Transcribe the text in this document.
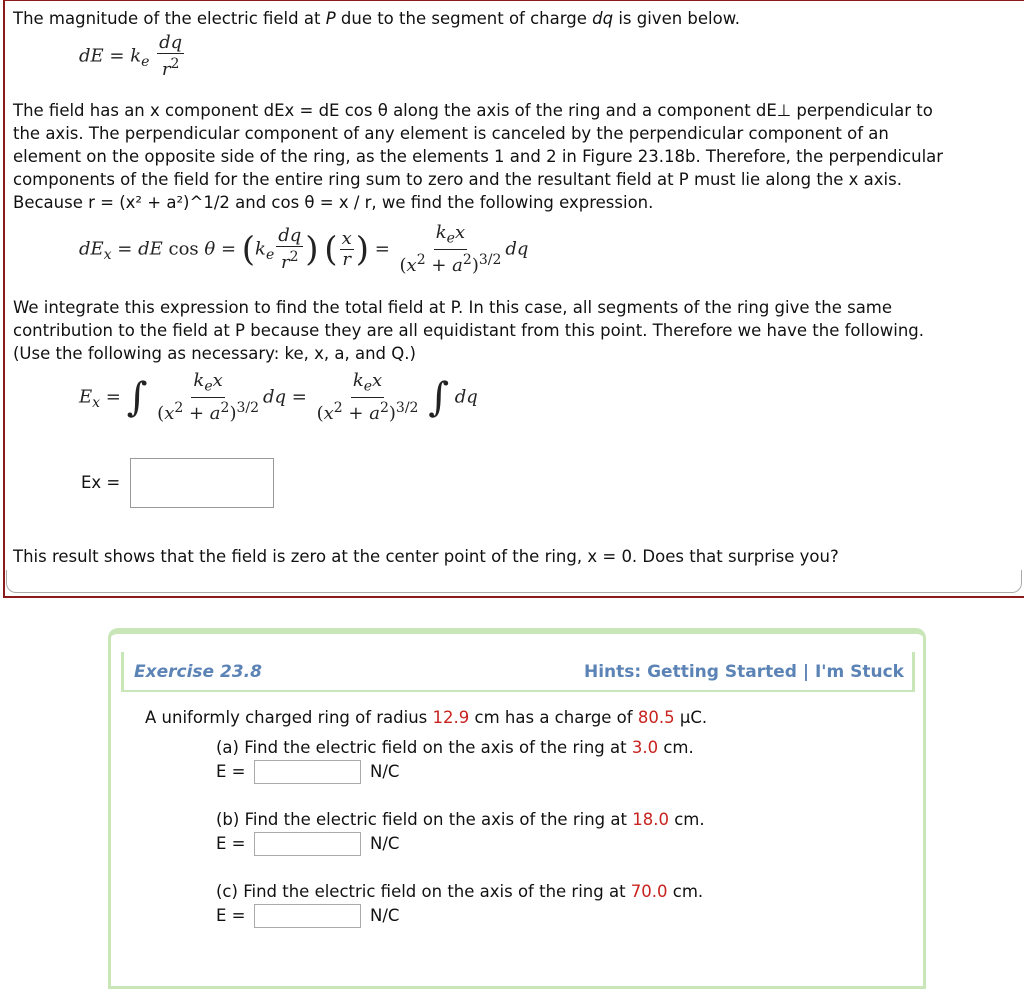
The magnitude of the electric field at P due to the segment of charge dq is given below.
dE = $k_e \frac{dq}{r^2}$
The field has an x component dEx = dE cos θ along the axis of the ring and a component dE⊥ perpendicular to
the axis. The perpendicular component of any element is canceled by the perpendicular component of an
element on the opposite side of the ring, as the elements 1 and 2 in Figure 23.18b. Therefore, the perpendicular
components of the field for the entire ring sum to zero and the resultant field at P must lie along the x axis.
Because r = (x² + a²)^1/2 and cos θ = x / r, we find the following expression.
$dE_x$ = dE $\cos \theta = (k_e \frac{dq}{r^2}$ ) ( $\frac{x}{r}$ ) = $\frac{k_ex}{(x^2 + a^2)^{3/2}}$ dq
We integrate this expression to find the total field at P. In this case, all segments of the ring give the same
contribution to the field at P because they are all equidistant from this point. Therefore we have the following.
(Use the following as necessary: ke, x, a, and Q.)
$E_x$ = ∫ $\frac{k_ex}{(x^2 + a^2)^{3/2}}$ dq = $\frac{k_ex}{(x^2 + a^2)^{3/2}}$ ∫ dq
Ex =
This result shows that the field is zero at the center point of the ring, x = 0. Does that surprise you?
Exercise 23.8	Hints: Getting Started | I'm Stuck
A uniformly charged ring of radius 12.9 cm has a charge of 80.5 μC.
(a) Find the electric field on the axis of the ring at 3.0 cm.
E =	N/C
(b) Find the electric field on the axis of the ring at 18.0 cm.
E =	N/C
(c) Find the electric field on the axis of the ring at 70.0 cm.
E =	N/C
